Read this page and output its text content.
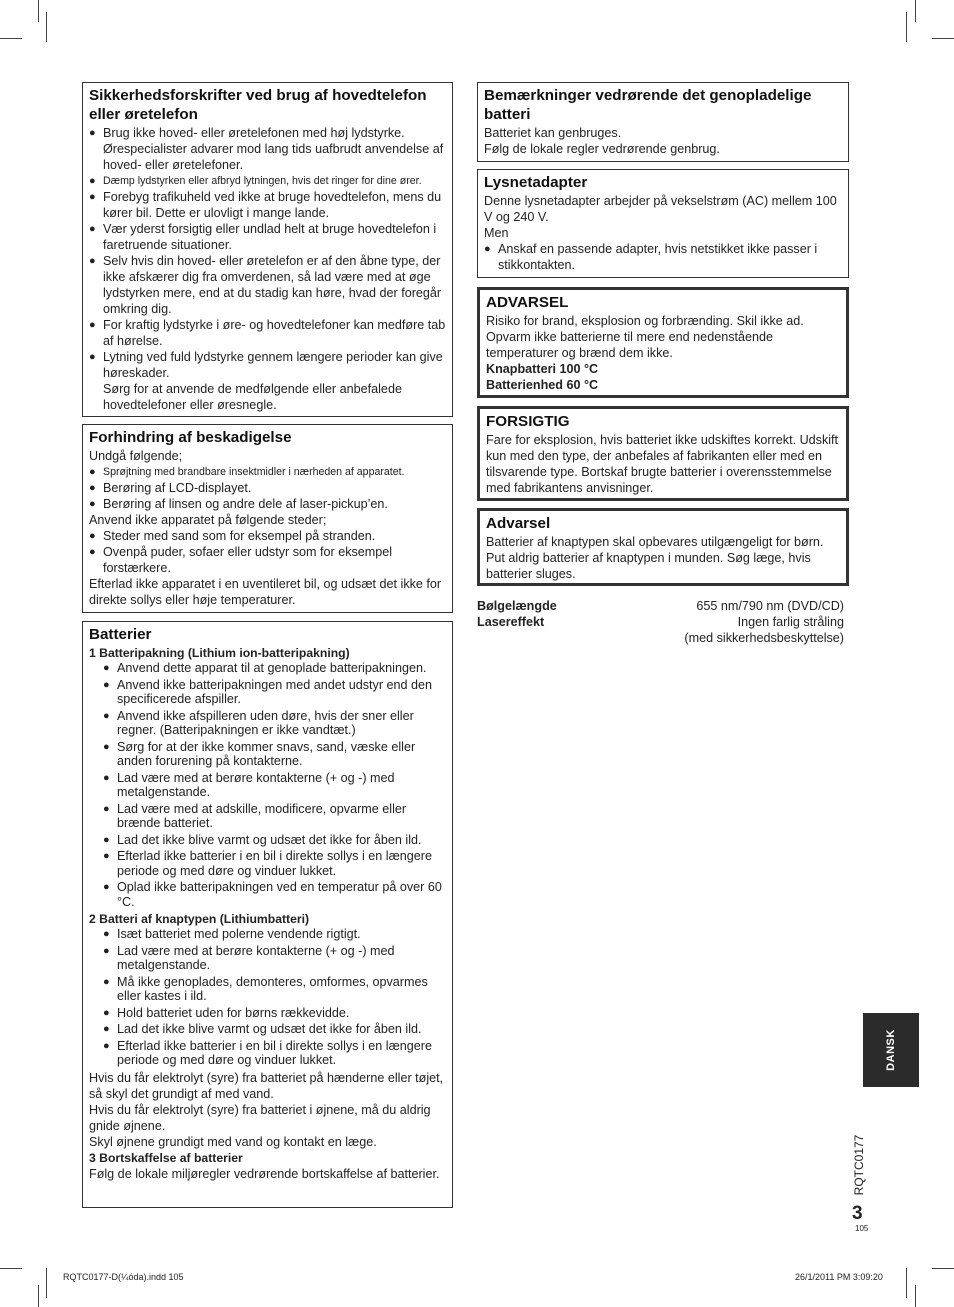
Sikkerhedsforskrifter ved brug af hovedtelefon eller øretelefon
● Brug ikke hoved- eller øretelefonen med høj lydstyrke. Ørespecialister advarer mod lang tids uafbrudt anvendelse af hoved- eller øretelefoner.
● Dæmp lydstyrken eller afbryd lytningen, hvis det ringer for dine ører.
● Forebyg trafikuheld ved ikke at bruge hovedtelefon, mens du kører bil. Dette er ulovligt i mange lande.
● Vær yderst forsigtig eller undlad helt at bruge hovedtelefon i faretruende situationer.
● Selv hvis din hoved- eller øretelefon er af den åbne type, der ikke afskærer dig fra omverdenen, så lad være med at øge lydstyrken mere, end at du stadig kan høre, hvad der foregår omkring dig.
● For kraftig lydstyrke i øre- og hovedtelefoner kan medføre tab af hørelse.
● Lytning ved fuld lydstyrke gennem længere perioder kan give høreskader.
Sørg for at anvende de medfølgende eller anbefalede hovedtelefoner eller øresnegle.
Forhindring af beskadigelse

Undgå følgende;

● Sprøjtning med brandbare insektmidler i nærheden af apparatet.
● Berøring af LCD-displayet.
● Berøring af linsen og andre dele af laser-pickup’en.

Anvend ikke apparatet på følgende steder;

● Steder med sand som for eksempel på stranden.
● Ovenpå puder, sofaer eller udstyr som for eksempel forstærkere.

Efterlad ikke apparatet i en uventileret bil, og udsæt det ikke for direkte sollys eller høje temperaturer.

Batterier

1 Batteripakning (Lithium ion-batteripakning)

● Anvend dette apparat til at genoplade batteripakningen.
● Anvend ikke batteripakningen med andet udstyr end den specificerede afspiller.
● Anvend ikke afspilleren uden døre, hvis der sner eller regner. (Batteripakningen er ikke vandtæt.)
● Sørg for at der ikke kommer snavs, sand, væske eller anden forurening på kontakterne.
● Lad være med at berøre kontakterne (+ og -) med metalgenstande.
● Lad være med at adskille, modificere, opvarme eller brænde batteriet.
● Lad det ikke blive varmt og udsæt det ikke for åben ild.
● Efterlad ikke batterier i en bil i direkte sollys i en længere periode og med døre og vinduer lukket.
● Oplad ikke batteripakningen ved en temperatur på over 60 °C.

2 Batteri af knaptypen (Lithiumbatteri)

● Isæt batteriet med polerne vendende rigtigt.
● Lad være med at berøre kontakterne (+ og -) med metalgenstande.
● Må ikke genoplades, demonteres, omformes, opvarmes eller kastes i ild.
● Hold batteriet uden for børns rækkevidde.
● Lad det ikke blive varmt og udsæt det ikke for åben ild.
● Efterlad ikke batterier i en bil i direkte sollys i en længere periode og med døre og vinduer lukket.

Hvis du får elektrolyt (syre) fra batteriet på hænderne eller tøjet, så skyl det grundigt af med vand.

Hvis du får elektrolyt (syre) fra batteriet i øjnene, må du aldrig gnide øjnene.

Skyl øjnene grundigt med vand og kontakt en læge.

3 Bortskaffelse af batterier

Følg de lokale miljøregler vedrørende bortskaffelse af batterier.

Bemærkninger vedrørende det genopladelige batteri

Batteriet kan genbruges.

Følg de lokale regler vedrørende genbrug.

Lysnetadapter

Denne lysnetadapter arbejder på vekselstrøm (AC) mellem 100 V og 240 V.

Men

● Anskaf en passende adapter, hvis netstikket ikke passer i stikkontakten.
ADVARSEL

Risiko for brand, eksplosion og forbrænding. Skil ikke ad. Opvarm ikke batterierne til mere end nedenstående temperaturer og brænd dem ikke.

Knapbatteri 100 °C

Batterienhed 60 °C

FORSIGTIG

Fare for eksplosion, hvis batteriet ikke udskiftes korrekt. Udskift kun med den type, der anbefales af fabrikanten eller med en tilsvarende type. Bortskaf brugte batterier i overensstemmelse med fabrikantens anvisninger.

Advarsel

Batterier af knaptypen skal opbevares utilgængeligt for børn. Put aldrig batterier af knaptypen i munden. Søg læge, hvis batterier sluges.

Bølgelængde	655 nm/790 nm (DVD/CD)
Lasereffekt	Ingen farlig stråling
(med sikkerhedsbeskyttelse)
DANSK
RQTC0177
3
105
RQTC0177-D(¼óda).indd 105	26/1/2011 PM 3:09:20
